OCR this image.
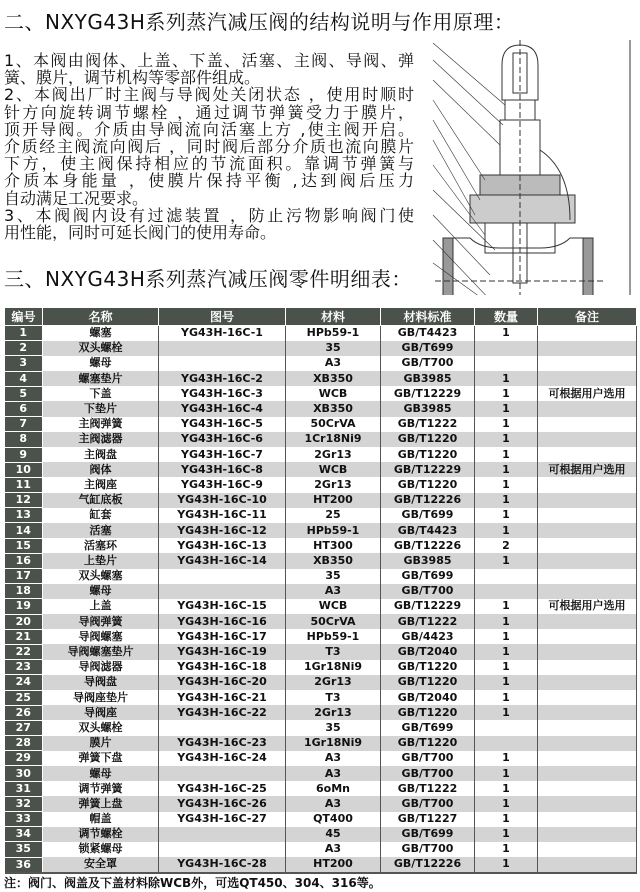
二、NXYG43H系列蒸汽减压阀的结构说明与作用原理：
1、本阀由阀体、上盖、下盖、活塞、主阀、导阀、弹
簧、膜片，调节机构等零部件组成。
2、本阀出厂时主阀与导阀处关闭状态 ，使用时顺时
针方向旋转调节螺栓 ，通过调节弹簧受力于膜片，
顶开导阀。介质由导阀流向活塞上方 ,使主阀开启。
介质经主阀流向阀后 ，同时阀后部分介质也流向膜片
下方，使主阀保持相应的节流面积。靠调节弹簧与
介质本身能量 ，使膜片保持平衡 ,达到阀后压力
自动满足工况要求。
3、本阀阀内设有过滤装置 ，防止污物影响阀门使
用性能，同时可延长阀门的使用寿命。
三、NXYG43H系列蒸汽减压阀零件明细表：
编号	名称	图号	材料	材料标准	数量	备注
1	螺塞	YG43H-16C-1	HPb59-1	GB/T4423	1	
2	双头螺栓		35	GB/T699		
3	螺母		A3	GB/T700		
4	螺塞垫片	YG43H-16C-2	XB350	GB3985	1	
5	下盖	YG43H-16C-3	WCB	GB/T12229	1	可根据用户选用
6	下垫片	YG43H-16C-4	XB350	GB3985	1	
7	主阀弹簧	YG43H-16C-5	50CrVA	GB/T1222	1	
8	主阀滤器	YG43H-16C-6	1Cr18Ni9	GB/T1220	1	
9	主阀盘	YG43H-16C-7	2Gr13	GB/T1220	1	
10	阀体	YG43H-16C-8	WCB	GB/T12229	1	可根据用户选用
11	主阀座	YG43H-16C-9	2Gr13	GB/T1220	1	
12	气缸底板	YG43H-16C-10	HT200	GB/T12226	1	
13	缸套	YG43H-16C-11	25	GB/T699	1	
14	活塞	YG43H-16C-12	HPb59-1	GB/T4423	1	
15	活塞环	YG43H-16C-13	HT300	GB/T12226	2	
16	上垫片	YG43H-16C-14	XB350	GB3985	1	
17	双头螺塞		35	GB/T699		
18	螺母		A3	GB/T700		
19	上盖	YG43H-16C-15	WCB	GB/T12229	1	可根据用户选用
20	导阀弹簧	YG43H-16C-16	50CrVA	GB/T1222	1	
21	导阀螺塞	YG43H-16C-17	HPb59-1	GB/4423	1	
22	导阀螺塞垫片	YG43H-16C-19	T3	GB/T2040	1	
23	导阀滤器	YG43H-16C-18	1Gr18Ni9	GB/T1220	1	
24	导阀盘	YG43H-16C-20	2Gr13	GB/T1220	1	
25	导阀座垫片	YG43H-16C-21	T3	GB/T2040	1	
26	导阀座	YG43H-16C-22	2Gr13	GB/T1220	1	
27	双头螺栓		35	GB/T699		
28	膜片	YG43H-16C-23	1Gr18Ni9	GB/T1220		
29	弹簧下盘	YG43H-16C-24	A3	GB/T700	1	
30	螺母		A3	GB/T700	1	
31	调节弹簧	YG43H-16C-25	6oMn	GB/T1222	1	
32	弹簧上盘	YG43H-16C-26	A3	GB/T700	1	
33	帽盖	YG43H-16C-27	QT400	GB/T1227	1	
34	调节螺栓		45	GB/T699	1	
35	锁紧螺母		A3	GB/T700	1	
36	安全罩	YG43H-16C-28	HT200	GB/T12226	1	
注：阀门、阀盖及下盖材料除WCB外，可选QT450、304、316等。
